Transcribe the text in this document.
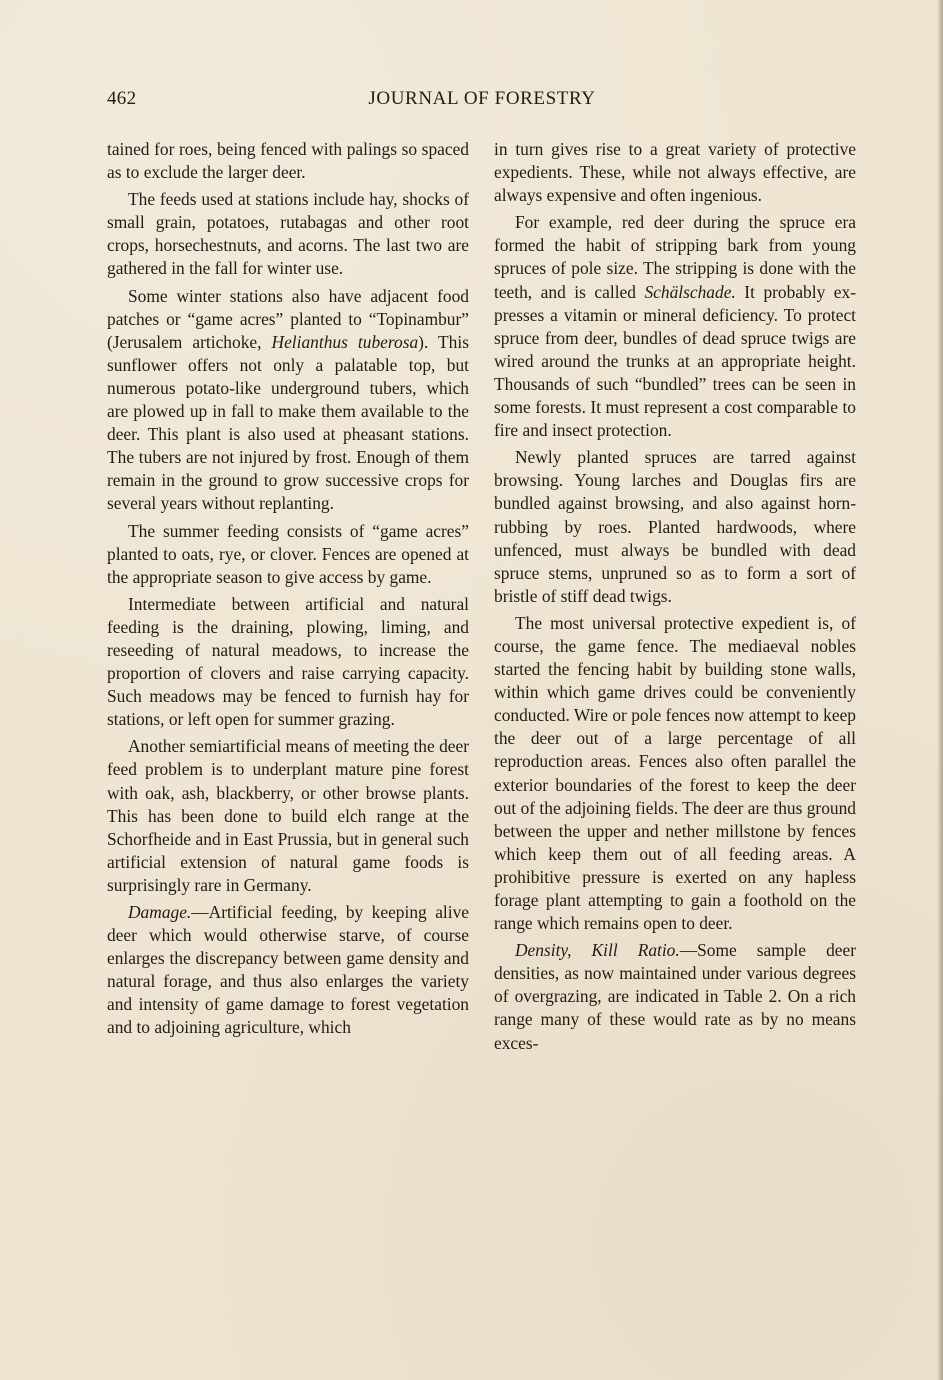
462	JOURNAL OF FORESTRY

tained for roes, being fenced with palings so spaced as to exclude the larger deer.

The feeds used at stations include hay, shocks of small grain, potatoes, rutabagas and other root crops, horsechestnuts, and acorns. The last two are gathered in the fall for winter use.

Some winter stations also have adjacent food patches or “game acres” planted to “Topinambur” (Jerusalem artichoke, Helianthus tuberosa). This sunflower offers not only a palatable top, but numerous potato-like underground tubers, which are plowed up in fall to make them available to the deer. This plant is also used at pheasant stations. The tubers are not injured by frost. Enough of them remain in the ground to grow successive crops for several years without replanting.

The summer feeding consists of “game acres” planted to oats, rye, or clover. Fences are opened at the appropriate season to give access by game.

Intermediate between artificial and natural feeding is the draining, plowing, liming, and reseeding of natural meadows, to increase the proportion of clovers and raise carrying capacity. Such meadows may be fenced to furnish hay for stations, or left open for summer grazing.

Another semiartificial means of meeting the deer feed problem is to underplant mature pine forest with oak, ash, blackberry, or other browse plants. This has been done to build elch range at the Schorfheide and in East Prussia, but in general such artificial extension of natural game foods is surprisingly rare in Germany.

Damage.—Artificial feeding, by keeping alive deer which would otherwise starve, of course enlarges the discrepancy between game density and natural forage, and thus also enlarges the variety and intensity of game damage to forest vegetation and to adjoining agriculture, which

in turn gives rise to a great variety of protective expedients. These, while not always effective, are always expensive and often ingenious.

For example, red deer during the spruce era formed the habit of stripping bark from young spruces of pole size. The stripping is done with the teeth, and is called Schälschade. It probably expresses a vitamin or mineral deficiency. To protect spruce from deer, bundles of dead spruce twigs are wired around the trunks at an appropriate height. Thousands of such “bundled” trees can be seen in some forests. It must represent a cost comparable to fire and insect protection.

Newly planted spruces are tarred against browsing. Young larches and Douglas firs are bundled against browsing, and also against horn-rubbing by roes. Planted hardwoods, where unfenced, must always be bundled with dead spruce stems, unpruned so as to form a sort of bristle of stiff dead twigs.

The most universal protective expedient is, of course, the game fence. The mediaeval nobles started the fencing habit by building stone walls, within which game drives could be conveniently conducted. Wire or pole fences now attempt to keep the deer out of a large percentage of all reproduction areas. Fences also often parallel the exterior boundaries of the forest to keep the deer out of the adjoining fields. The deer are thus ground between the upper and nether millstone by fences which keep them out of all feeding areas. A prohibitive pressure is exerted on any hapless forage plant attempting to gain a foothold on the range which remains open to deer.

Density, Kill Ratio.—Some sample deer densities, as now maintained under various degrees of overgrazing, are indicated in Table 2. On a rich range many of these would rate as by no means exces-
